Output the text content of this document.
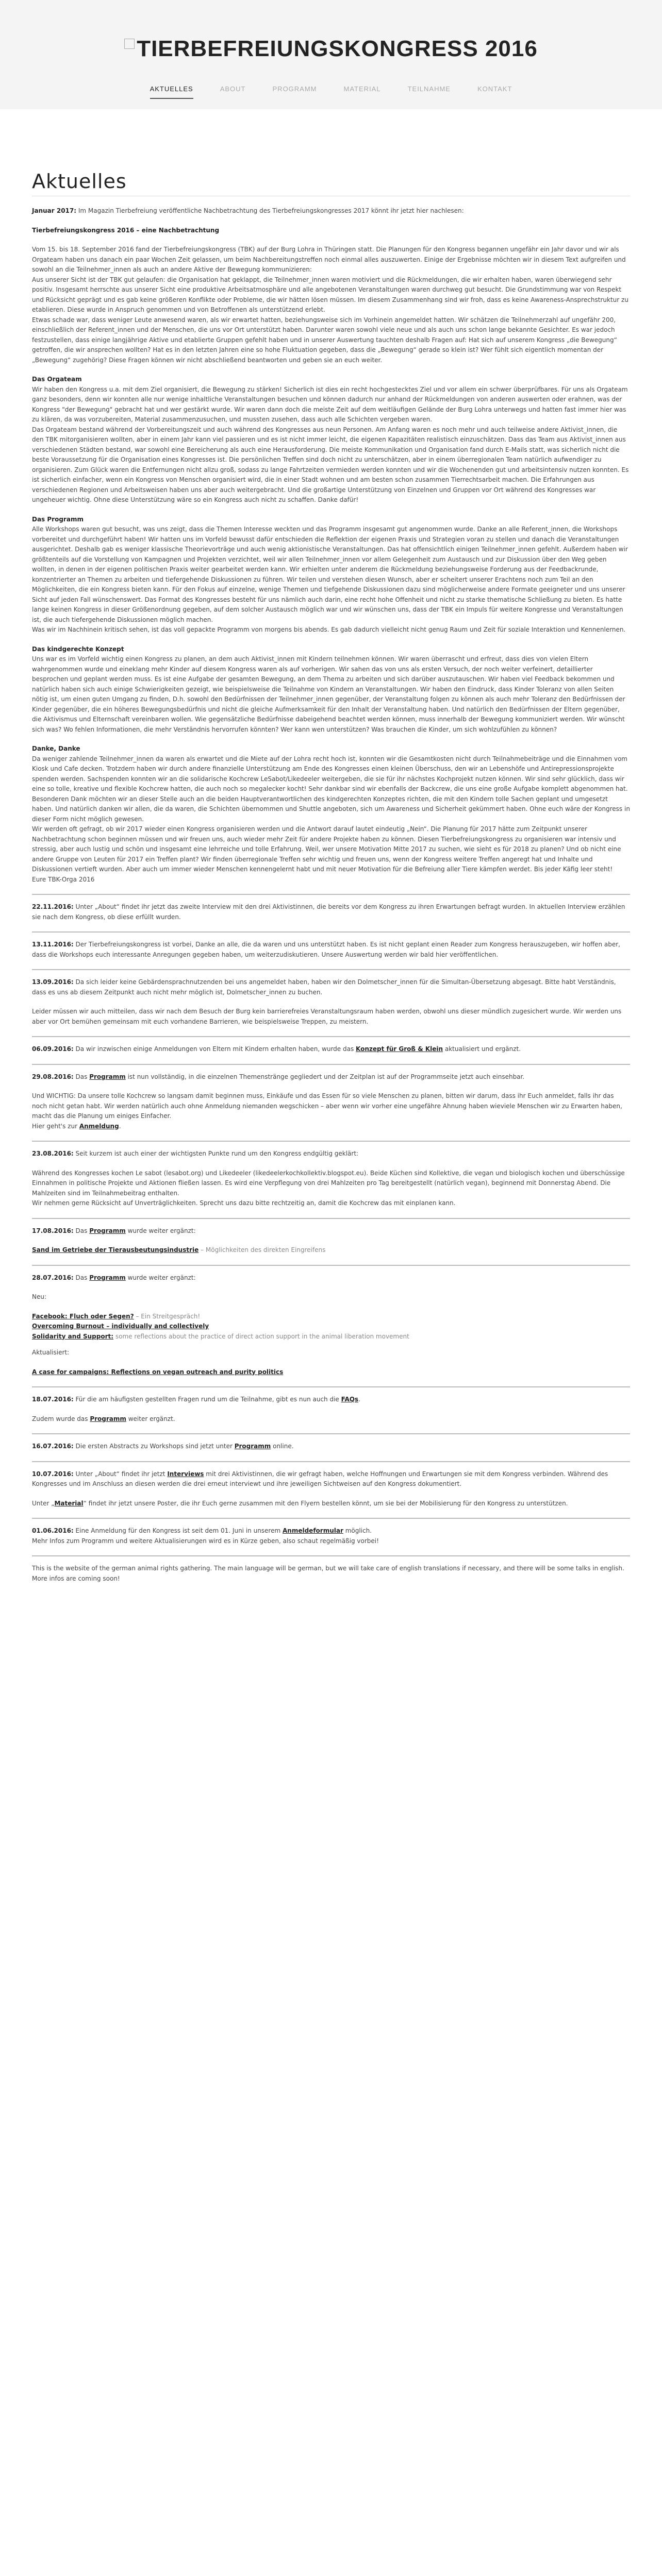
TIERBEFREIUNGSKONGRESS 2016
AKTUELLES	ABOUT	PROGRAMM	MATERIAL	TEILNAHME	KONTAKT
Aktuelles

Januar 2017: Im Magazin Tierbefreiung veröffentliche Nachbetrachtung des Tierbefreiungskongresses 2017 könnt ihr jetzt hier nachlesen:

Tierbefreiungskongress 2016 – eine Nachbetrachtung

Vom 15. bis 18. September 2016 fand der Tierbefreiungskongress (TBK) auf der Burg Lohra in Thüringen statt. Die Planungen für den Kongress begannen ungefähr ein Jahr davor und wir als Orgateam haben uns danach ein paar Wochen Zeit gelassen, um beim Nachbereitungstreffen noch einmal alles auszuwerten. Einige der Ergebnisse möchten wir in diesem Text aufgreifen und sowohl an die Teilnehmer_innen als auch an andere Aktive der Bewegung kommunizieren:

Aus unserer Sicht ist der TBK gut gelaufen: die Organisation hat geklappt, die Teilnehmer_innen waren motiviert und die Rückmeldungen, die wir erhalten haben, waren überwiegend sehr positiv. Insgesamt herrschte aus unserer Sicht eine produktive Arbeitsatmosphäre und alle angebotenen Veranstaltungen waren durchweg gut besucht. Die Grundstimmung war von Respekt und Rücksicht geprägt und es gab keine größeren Konflikte oder Probleme, die wir hätten lösen müssen. Im diesem Zusammenhang sind wir froh, dass es keine Awareness-Ansprechstruktur zu etablieren. Diese wurde in Anspruch genommen und von Betroffenen als unterstützend erlebt.

Etwas schade war, dass weniger Leute anwesend waren, als wir erwartet hatten, beziehungsweise sich im Vorhinein angemeldet hatten. Wir schätzen die Teilnehmerzahl auf ungefähr 200, einschließlich der Referent_innen und der Menschen, die uns vor Ort unterstützt haben. Darunter waren sowohl viele neue und als auch uns schon lange bekannte Gesichter. Es war jedoch festzustellen, dass einige langjährige Aktive und etablierte Gruppen gefehlt haben und in unserer Auswertung tauchten deshalb Fragen auf: Hat sich auf unserem Kongress „die Bewegung“ getroffen, die wir ansprechen wollten? Hat es in den letzten Jahren eine so hohe Fluktuation gegeben, dass die „Bewegung“ gerade so klein ist? Wer fühlt sich eigentlich momentan der „Bewegung“ zugehörig? Diese Fragen können wir nicht abschließend beantworten und geben sie an euch weiter.

Das Orgateam

Wir haben den Kongress u.a. mit dem Ziel organisiert, die Bewegung zu stärken! Sicherlich ist dies ein recht hochgestecktes Ziel und vor allem ein schwer überprüfbares. Für uns als Orgateam ganz besonders, denn wir konnten alle nur wenige inhaltliche Veranstaltungen besuchen und können dadurch nur anhand der Rückmeldungen von anderen auswerten oder erahnen, was der Kongress "der Bewegung" gebracht hat und wer gestärkt wurde. Wir waren dann doch die meiste Zeit auf dem weitläufigen Gelände der Burg Lohra unterwegs und hatten fast immer hier was zu klären, da was vorzubereiten, Material zusammenzusuchen, und mussten zusehen, dass auch alle Schichten vergeben waren.

Das Orgateam bestand während der Vorbereitungszeit und auch während des Kongresses aus neun Personen. Am Anfang waren es noch mehr und auch teilweise andere Aktivist_innen, die den TBK mitorganisieren wollten, aber in einem Jahr kann viel passieren und es ist nicht immer leicht, die eigenen Kapazitäten realistisch einzuschätzen. Dass das Team aus Aktivist_innen aus verschiedenen Städten bestand, war sowohl eine Bereicherung als auch eine Herausforderung. Die meiste Kommunikation und Organisation fand durch E-Mails statt, was sicherlich nicht die beste Voraussetzung für die Organisation eines Kongresses ist. Die persönlichen Treffen sind doch nicht zu unterschätzen, aber in einem überregionalen Team natürlich aufwendiger zu organisieren. Zum Glück waren die Entfernungen nicht allzu groß, sodass zu lange Fahrtzeiten vermieden werden konnten und wir die Wochenenden gut und arbeitsintensiv nutzen konnten. Es ist sicherlich einfacher, wenn ein Kongress von Menschen organisiert wird, die in einer Stadt wohnen und am besten schon zusammen Tierrechtsarbeit machen. Die Erfahrungen aus verschiedenen Regionen und Arbeitsweisen haben uns aber auch weitergebracht. Und die großartige Unterstützung von Einzelnen und Gruppen vor Ort während des Kongresses war ungeheuer wichtig. Ohne diese Unterstützung wäre so ein Kongress auch nicht zu schaffen. Danke dafür!

Das Programm

Alle Workshops waren gut besucht, was uns zeigt, dass die Themen Interesse weckten und das Programm insgesamt gut angenommen wurde. Danke an alle Referent_innen, die Workshops vorbereitet und durchgeführt haben! Wir hatten uns im Vorfeld bewusst dafür entschieden die Reflektion der eigenen Praxis und Strategien voran zu stellen und danach die Veranstaltungen ausgerichtet. Deshalb gab es weniger klassische Theorievorträge und auch wenig aktionistische Veranstaltungen. Das hat offensichtlich einigen Teilnehmer_innen gefehlt. Außerdem haben wir größtenteils auf die Vorstellung von Kampagnen und Projekten verzichtet, weil wir allen Teilnehmer_innen vor allem Gelegenheit zum Austausch und zur Diskussion über den Weg geben wollten, in denen in der eigenen politischen Praxis weiter gearbeitet werden kann. Wir erhielten unter anderem die Rückmeldung beziehungsweise Forderung aus der Feedbackrunde, konzentrierter an Themen zu arbeiten und tiefergehende Diskussionen zu führen. Wir teilen und verstehen diesen Wunsch, aber er scheitert unserer Erachtens noch zum Teil an den Möglichkeiten, die ein Kongress bieten kann. Für den Fokus auf einzelne, wenige Themen und tiefgehende Diskussionen dazu sind möglicherweise andere Formate geeigneter und uns unserer Sicht auf jeden Fall wünschenswert. Das Format des Kongresses besteht für uns nämlich auch darin, eine recht hohe Offenheit und nicht zu starke thematische Schließung zu bieten. Es hatte lange keinen Kongress in dieser Größenordnung gegeben, auf dem solcher Austausch möglich war und wir wünschen uns, dass der TBK ein Impuls für weitere Kongresse und Veranstaltungen ist, die auch tiefergehende Diskussionen möglich machen.

Was wir im Nachhinein kritisch sehen, ist das voll gepackte Programm von morgens bis abends. Es gab dadurch vielleicht nicht genug Raum und Zeit für soziale Interaktion und Kennenlernen.

Das kindgerechte Konzept

Uns war es im Vorfeld wichtig einen Kongress zu planen, an dem auch Aktivist_innen mit Kindern teilnehmen können. Wir waren überrascht und erfreut, dass dies von vielen Eltern wahrgenommen wurde und eineklang mehr Kinder auf diesem Kongress waren als auf vorherigen. Wir sahen das von uns als ersten Versuch, der noch weiter verfeinert, detaillierter besprochen und geplant werden muss. Es ist eine Aufgabe der gesamten Bewegung, an dem Thema zu arbeiten und sich darüber auszutauschen. Wir haben viel Feedback bekommen und natürlich haben sich auch einige Schwierigkeiten gezeigt, wie beispielsweise die Teilnahme von Kindern an Veranstaltungen. Wir haben den Eindruck, dass Kinder Toleranz von allen Seiten nötig ist, um einen guten Umgang zu finden, D.h. sowohl den Bedürfnissen der Teilnehmer_innen gegenüber, der Veranstaltung folgen zu können als auch mehr Toleranz den Bedürfnissen der Kinder gegenüber, die ein höheres Bewegungsbedürfnis und nicht die gleiche Aufmerksamkeit für den Inhalt der Veranstaltung haben. Und natürlich den Bedürfnissen der Eltern gegenüber, die Aktivismus und Elternschaft vereinbaren wollen. Wie gegensätzliche Bedürfnisse dabeigehend beachtet werden können, muss innerhalb der Bewegung kommuniziert werden. Wir wünscht sich was? Wo fehlen Informationen, die mehr Verständnis hervorrufen könnten? Wer kann wen unterstützen? Was brauchen die Kinder, um sich wohlzufühlen zu können?

Danke, Danke

Da weniger zahlende Teilnehmer_innen da waren als erwartet und die Miete auf der Lohra recht hoch ist, konnten wir die Gesamtkosten nicht durch Teilnahmebeiträge und die Einnahmen vom Kiosk und Cafe decken. Trotzdem haben wir durch andere finanzielle Unterstützung am Ende des Kongresses einen kleinen Überschuss, den wir an Lebenshöfe und Antirepressionsprojekte spenden werden. Sachspenden konnten wir an die solidarische Kochcrew LeSabot/Likedeeler weitergeben, die sie für ihr nächstes Kochprojekt nutzen können. Wir sind sehr glücklich, dass wir eine so tolle, kreative und flexible Kochcrew hatten, die auch noch so megalecker kocht! Sehr dankbar sind wir ebenfalls der Backcrew, die uns eine große Aufgabe komplett abgenommen hat. Besonderen Dank möchten wir an dieser Stelle auch an die beiden Hauptverantwortlichen des kindgerechten Konzeptes richten, die mit den Kindern tolle Sachen geplant und umgesetzt haben. Und natürlich danken wir allen, die da waren, die Schichten übernommen und Shuttle angeboten, sich um Awareness und Sicherheit gekümmert haben. Ohne euch wäre der Kongress in dieser Form nicht möglich gewesen.

Wir werden oft gefragt, ob wir 2017 wieder einen Kongress organisieren werden und die Antwort darauf lautet eindeutig „Nein“. Die Planung für 2017 hätte zum Zeitpunkt unserer Nachbetrachtung schon beginnen müssen und wir freuen uns, auch wieder mehr Zeit für andere Projekte haben zu können. Diesen Tierbefreiungskongress zu organisieren war intensiv und stressig, aber auch lustig und schön und insgesamt eine lehrreiche und tolle Erfahrung. Weil, wer unsere Motivation Mitte 2017 zu suchen, wie sieht es für 2018 zu planen? Und ob nicht eine andere Gruppe von Leuten für 2017 ein Treffen plant? Wir finden überregionale Treffen sehr wichtig und freuen uns, wenn der Kongress weitere Treffen angeregt hat und Inhalte und Diskussionen vertieft wurden. Aber auch um immer wieder Menschen kennengelernt habt und mit neuer Motivation für die Befreiung aller Tiere kämpfen werdet. Bis jeder Käfig leer steht!

Eure TBK-Orga 2016

22.11.2016: Unter „About“ findet ihr jetzt das zweite Interview mit den drei Aktivistinnen, die bereits vor dem Kongress zu ihren Erwartungen befragt wurden. In aktuellen Interview erzählen sie nach dem Kongress, ob diese erfüllt wurden.

13.11.2016: Der Tierbefreiungskongress ist vorbei, Danke an alle, die da waren und uns unterstützt haben. Es ist nicht geplant einen Reader zum Kongress herauszugeben, wir hoffen aber, dass die Workshops euch interessante Anregungen gegeben haben, um weiterzudiskutieren. Unsere Auswertung werden wir bald hier veröffentlichen.

13.09.2016: Da sich leider keine Gebärdensprachnutzenden bei uns angemeldet haben, haben wir den Dolmetscher_innen für die Simultan-Übersetzung abgesagt. Bitte habt Verständnis, dass es uns ab diesem Zeitpunkt auch nicht mehr möglich ist, Dolmetscher_innen zu buchen.

Leider müssen wir auch mitteilen, dass wir nach dem Besuch der Burg kein barrierefreies Veranstaltungsraum haben werden, obwohl uns dieser mündlich zugesichert wurde. Wir werden uns aber vor Ort bemühen gemeinsam mit euch vorhandene Barrieren, wie beispielsweise Treppen, zu meistern.

06.09.2016: Da wir inzwischen einige Anmeldungen von Eltern mit Kindern erhalten haben, wurde das Konzept für Groß & Klein aktualisiert und ergänzt.

29.08.2016: Das Programm ist nun vollständig, in die einzelnen Themenstränge gegliedert und der Zeitplan ist auf der Programmseite jetzt auch einsehbar.

Und WICHTIG: Da unsere tolle Kochcrew so langsam damit beginnen muss, Einkäufe und das Essen für so viele Menschen zu planen, bitten wir darum, dass ihr Euch anmeldet, falls ihr das noch nicht getan habt. Wir werden natürlich auch ohne Anmeldung niemanden wegschicken – aber wenn wir vorher eine ungefähre Ahnung haben wieviele Menschen wir zu Erwarten haben, macht das die Planung um einiges Einfacher.
Hier geht's zur Anmeldung.

23.08.2016: Seit kurzem ist auch einer der wichtigsten Punkte rund um den Kongress endgültig geklärt:

Während des Kongresses kochen Le sabot (lesabot.org) und Likedeeler (likedeelerkochkollektiv.blogspot.eu). Beide Küchen sind Kollektive, die vegan und biologisch kochen und überschüssige Einnahmen in politische Projekte und Aktionen fließen lassen. Es wird eine Verpflegung von drei Mahlzeiten pro Tag bereitgestellt (natürlich vegan), beginnend mit Donnerstag Abend. Die Mahlzeiten sind im Teilnahmebeitrag enthalten.

Wir nehmen gerne Rücksicht auf Unverträglichkeiten. Sprecht uns dazu bitte rechtzeitig an, damit die Kochcrew das mit einplanen kann.

17.08.2016: Das Programm wurde weiter ergänzt:

Sand im Getriebe der Tierausbeutungsindustrie – Möglichkeiten des direkten Eingreifens

28.07.2016: Das Programm wurde weiter ergänzt:

Neu:

Facebook: Fluch oder Segen? – Ein Streitgespräch!

Overcoming Burnout – individually and collectively

Solidarity and Support: some reflections about the practice of direct action support in the animal liberation movement

Aktualisiert:

A case for campaigns: Reflections on vegan outreach and purity politics

18.07.2016: Für die am häufigsten gestellten Fragen rund um die Teilnahme, gibt es nun auch die FAQs.

Zudem wurde das Programm weiter ergänzt.

16.07.2016: Die ersten Abstracts zu Workshops sind jetzt unter Programm online.

10.07.2016: Unter „About“ findet ihr jetzt Interviews mit drei Aktivistinnen, die wir gefragt haben, welche Hoffnungen und Erwartungen sie mit dem Kongress verbinden. Während des Kongresses und im Anschluss an diesen werden die drei erneut interviewt und ihre jeweiligen Sichtweisen auf den Kongress dokumentiert.

Unter „Material“ findet ihr jetzt unsere Poster, die ihr Euch gerne zusammen mit den Flyern bestellen könnt, um sie bei der Mobilisierung für den Kongress zu unterstützen.

01.06.2016: Eine Anmeldung für den Kongress ist seit dem 01. Juni in unserem Anmeldeformular möglich.

Mehr Infos zum Programm und weitere Aktualisierungen wird es in Kürze geben, also schaut regelmäßig vorbei!

This is the website of the german animal rights gathering. The main language will be german, but we will take care of english translations if necessary, and there will be some talks in english. More infos are coming soon!
